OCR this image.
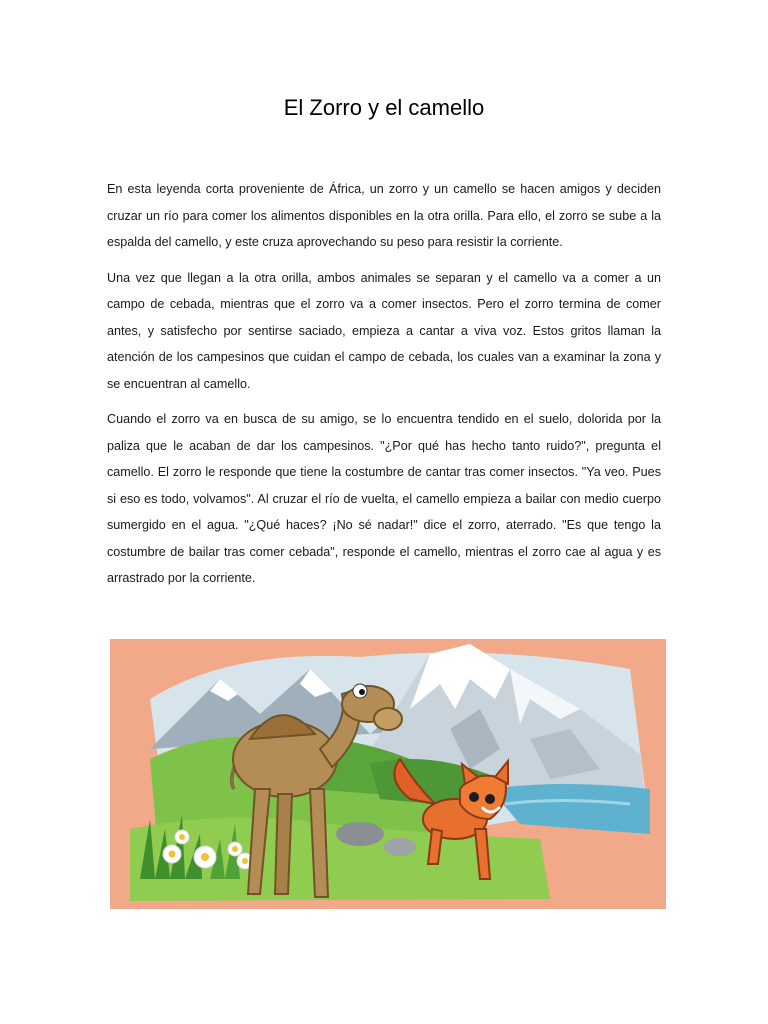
El Zorro y el camello

En esta leyenda corta proveniente de África, un zorro y un camello se hacen amigos y deciden cruzar un río para comer los alimentos disponibles en la otra orilla. Para ello, el zorro se sube a la espalda del camello, y este cruza aprovechando su peso para resistir la corriente.

Una vez que llegan a la otra orilla, ambos animales se separan y el camello va a comer a un campo de cebada, mientras que el zorro va a comer insectos. Pero el zorro termina de comer antes, y satisfecho por sentirse saciado, empieza a cantar a viva voz. Estos gritos llaman la atención de los campesinos que cuidan el campo de cebada, los cuales van a examinar la zona y se encuentran al camello.

Cuando el zorro va en busca de su amigo, se lo encuentra tendido en el suelo, dolorida por la paliza que le acaban de dar los campesinos. "¿Por qué has hecho tanto ruido?", pregunta el camello. El zorro le responde que tiene la costumbre de cantar tras comer insectos. "Ya veo. Pues si eso es todo, volvamos". Al cruzar el río de vuelta, el camello empieza a bailar con medio cuerpo sumergido en el agua. "¿Qué haces? ¡No sé nadar!" dice el zorro, aterrado. "Es que tengo la costumbre de bailar tras comer cebada", responde el camello, mientras el zorro cae al agua y es arrastrado por la corriente.
